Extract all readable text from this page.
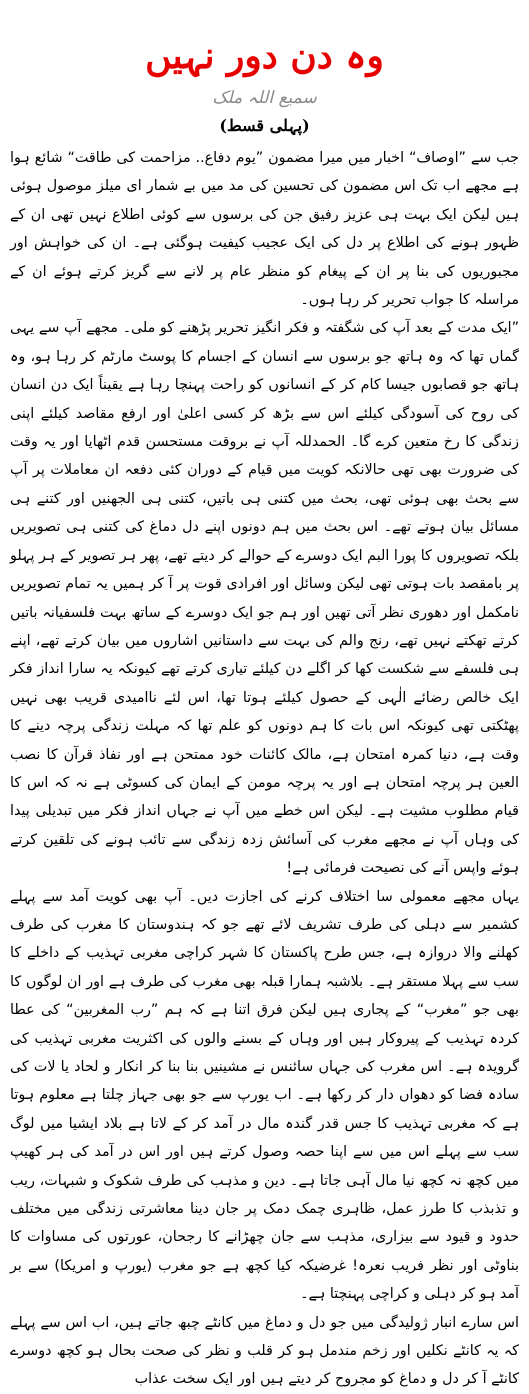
وہ دن دور نہیں
سمیع اللہ ملک
(پہلی قسط)

جب سے ”اوصاف“ اخبار میں میرا مضمون ”یوم دفاع.. مزاحمت کی طاقت“ شائع ہوا ہے مجھے اب تک اس مضمون کی تحسین کی مد میں بے شمار ای میلز موصول ہوئی ہیں لیکن ایک بہت ہی عزیز رفیق جن کی برسوں سے کوئی اطلاع نہیں تھی ان کے ظہور ہونے کی اطلاع پر دل کی ایک عجیب کیفیت ہوگئی ہے۔ ان کی خواہش اور مجبوریوں کی بنا پر ان کے پیغام کو منظر عام پر لانے سے گریز کرتے ہوئے ان کے مراسلہ کا جواب تحریر کر رہا ہوں۔

”ایک مدت کے بعد آپ کی شگفتہ و فکر انگیز تحریر پڑھنے کو ملی۔ مجھے آپ سے یہی گماں تھا کہ وہ ہاتھ جو برسوں سے انسان کے اجسام کا پوسٹ مارٹم کر رہا ہو، وہ ہاتھ جو قصابوں جیسا کام کر کے انسانوں کو راحت پہنچا رہا ہے یقیناً ایک دن انسان کی روح کی آسودگی کیلئے اس سے بڑھ کر کسی اعلیٰ اور ارفع مقاصد کیلئے اپنی زندگی کا رخ متعین کرے گا۔ الحمدللہ آپ نے بروقت مستحسن قدم اٹھایا اور یہ وقت کی ضرورت بھی تھی حالانکہ کویت میں قیام کے دوران کئی دفعہ ان معاملات پر آپ سے بحث بھی ہوئی تھی، بحث میں کتنی ہی باتیں، کتنی ہی الجھنیں اور کتنے ہی مسائل بیان ہوتے تھے۔ اس بحث میں ہم دونوں اپنے دل دماغ کی کتنی ہی تصویریں بلکہ تصویروں کا پورا البم ایک دوسرے کے حوالے کر دیتے تھے، پھر ہر تصویر کے ہر پہلو پر بامقصد بات ہوتی تھی لیکن وسائل اور افرادی قوت پر آ کر ہمیں یہ تمام تصویریں نامکمل اور دھوری نظر آتی تھیں اور ہم جو ایک دوسرے کے ساتھ بہت فلسفیانہ باتیں کرتے تھکتے نہیں تھے، رنج والم کی بہت سے داستانیں اشاروں میں بیان کرتے تھے، اپنے ہی فلسفے سے شکست کھا کر اگلے دن کیلئے تیاری کرتے تھے کیونکہ یہ سارا انداز فکر ایک خالص رضائے الٰہی کے حصول کیلئے ہوتا تھا، اس لئے ناامیدی قریب بھی نہیں پھٹکتی تھی کیونکہ اس بات کا ہم دونوں کو علم تھا کہ مہلت زندگی پرچہ دینے کا وقت ہے، دنیا کمرہ امتحان ہے، مالک کائنات خود ممتحن ہے اور نفاذ قرآن کا نصب العین ہر پرچہ امتحان ہے اور یہ پرچہ مومن کے ایمان کی کسوٹی ہے نہ کہ اس کا قیام مطلوب مشیت ہے۔ لیکن اس خطے میں آپ نے جہاں انداز فکر میں تبدیلی پیدا کی وہاں آپ نے مجھے مغرب کی آسائش زدہ زندگی سے تائب ہونے کی تلقین کرتے ہوئے واپس آنے کی نصیحت فرمائی ہے!

یہاں مجھے معمولی سا اختلاف کرنے کی اجازت دیں۔ آپ بھی کویت آمد سے پہلے کشمیر سے دہلی کی طرف تشریف لائے تھے جو کہ ہندوستان کا مغرب کی طرف کھلنے والا دروازہ ہے، جس طرح پاکستان کا شہر کراچی مغربی تہذیب کے داخلے کا سب سے پہلا مستقر ہے۔ بلاشبہ ہمارا قبلہ بھی مغرب کی طرف ہے اور ان لوگوں کا بھی جو ”مغرب“ کے پجاری ہیں لیکن فرق اتنا ہے کہ ہم ”رب المغربین“ کی عطا کردہ تہذیب کے پیروکار ہیں اور وہاں کے بسنے والوں کی اکثریت مغربی تہذیب کی گرویدہ ہے۔ اس مغرب کی جہاں سائنس نے مشینیں بنا بنا کر انکار و لحاد یا لات کی سادہ فضا کو دھواں دار کر رکھا ہے۔ اب یورپ سے جو بھی جہاز چلتا ہے معلوم ہوتا ہے کہ مغربی تہذیب کا جس قدر گندہ مال در آمد کر کے لاتا ہے بلاد ایشیا میں لوگ سب سے پہلے اس میں سے اپنا حصہ وصول کرتے ہیں اور اس در آمد کی ہر کھیپ میں کچھ نہ کچھ نیا مال آہی جاتا ہے۔ دین و مذہب کی طرف شکوک و شبہات، ریب و تذبذب کا طرز عمل، ظاہری چمک دمک پر جان دینا معاشرتی زندگی میں مختلف حدود و قیود سے بیزاری، مذہب سے جان چھڑانے کا رجحان، عورتوں کی مساوات کا بناوٹی اور نظر فریب نعرہ! غرضیکہ کیا کچھ ہے جو مغرب (یورپ و امریکا) سے بر آمد ہو کر دہلی و کراچی پہنچتا ہے۔

اس سارے انبار ژولیدگی میں جو دل و دماغ میں کانٹے چبھ جاتے ہیں، اب اس سے پہلے کہ یہ کانٹے نکلیں اور زخم مندمل ہو کر قلب و نظر کی صحت بحال ہو کچھ دوسرے کانٹے آ کر دل و دماغ کو مجروح کر دیتے ہیں اور ایک سخت عذاب
